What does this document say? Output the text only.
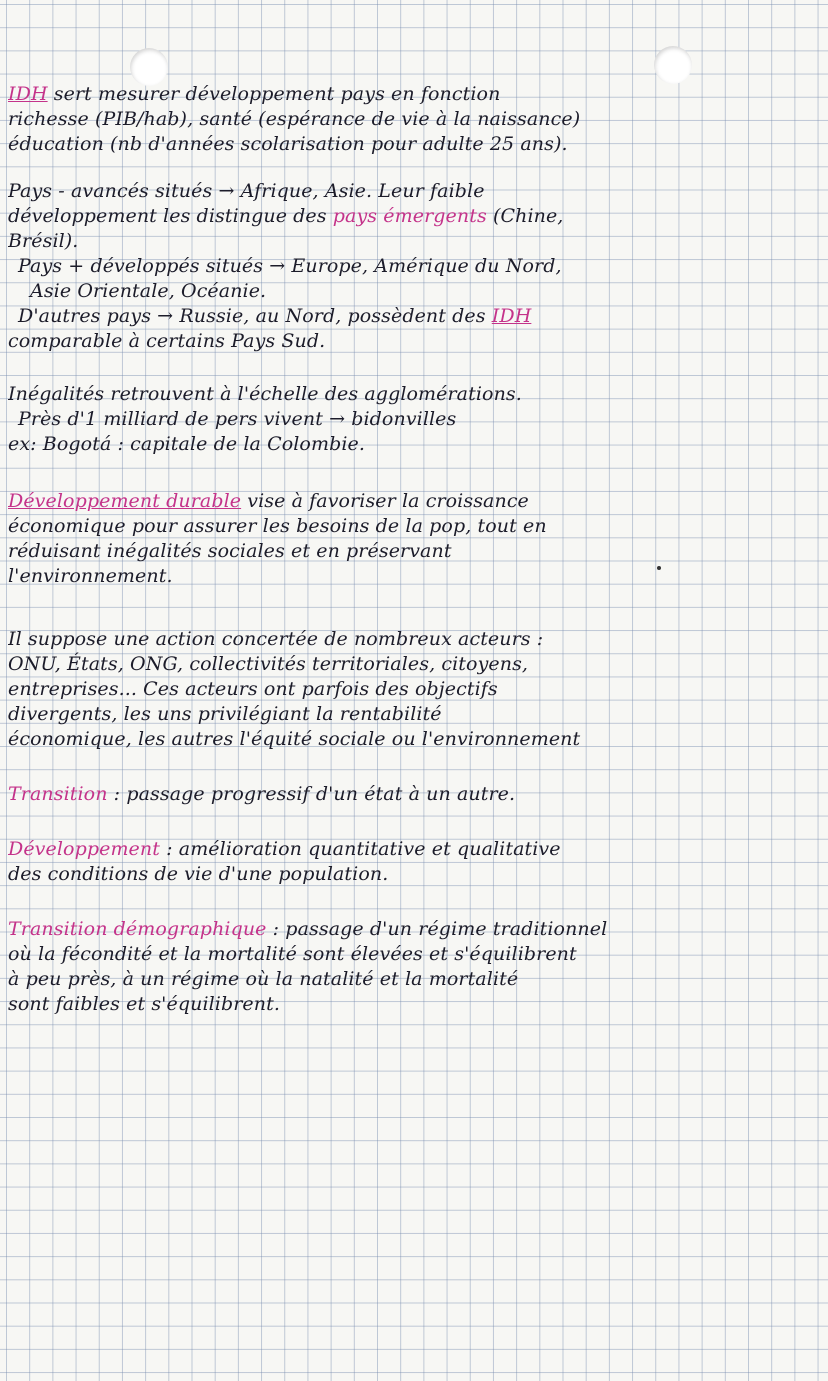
IDH sert mesurer développement pays en fonction
richesse (PIB/hab), santé (espérance de vie à la naissance)
éducation (nb d'années scolarisation pour adulte 25 ans).
Pays - avancés situés → Afrique, Asie. Leur faible
développement les distingue des pays émergents (Chine,
Brésil).
Pays + développés situés → Europe, Amérique du Nord,
Asie Orientale, Océanie.
D'autres pays → Russie, au Nord, possèdent des IDH
comparable à certains Pays Sud.
Inégalités retrouvent à l'échelle des agglomérations.
Près d'1 milliard de pers vivent → bidonvilles
ex: Bogotá : capitale de la Colombie.
Développement durable vise à favoriser la croissance
économique pour assurer les besoins de la pop, tout en
réduisant inégalités sociales et en préservant
l'environnement.
Il suppose une action concertée de nombreux acteurs :
ONU, États, ONG, collectivités territoriales, citoyens,
entreprises... Ces acteurs ont parfois des objectifs
divergents, les uns privilégiant la rentabilité
économique, les autres l'équité sociale ou l'environnement
Transition : passage progressif d'un état à un autre.
Développement : amélioration quantitative et qualitative
des conditions de vie d'une population.
Transition démographique : passage d'un régime traditionnel
où la fécondité et la mortalité sont élevées et s'équilibrent
à peu près, à un régime où la natalité et la mortalité
sont faibles et s'équilibrent.
